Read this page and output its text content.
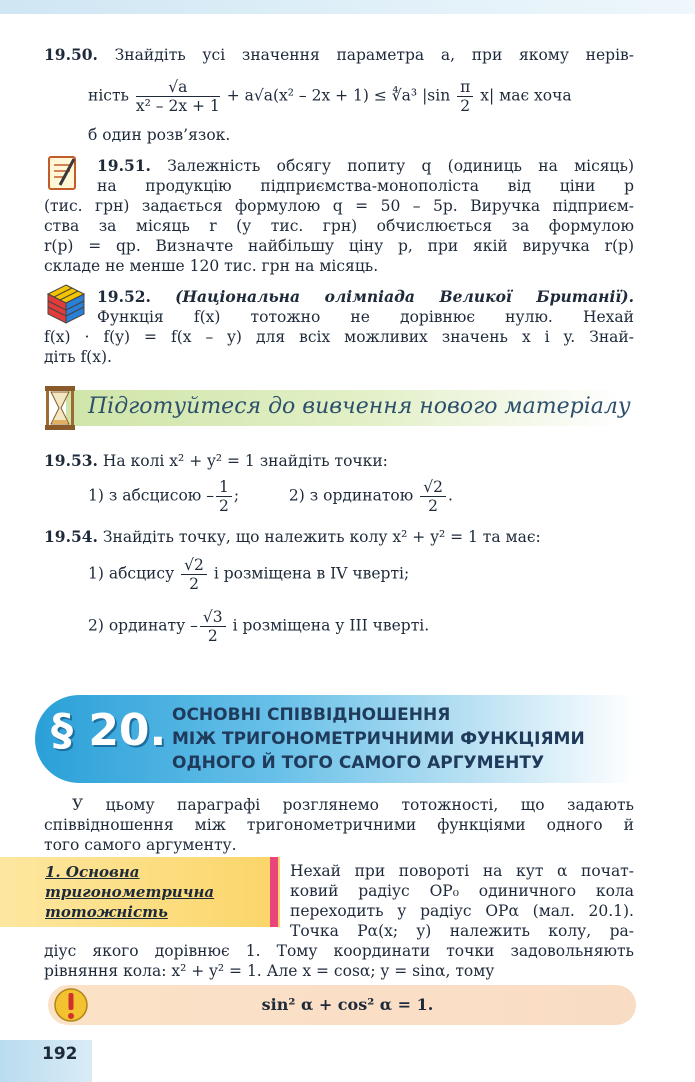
19.50. Знайдіть усі значення параметра a, при якому нерів-
ність $\frac{√a}{\text{x² – 2x + 1}} + a√a(x^2 - 2x + 1)$ ≤ ∜a³ $|\sin \frac{\pi}{2} x|$ має хоча
б один розв’язок.
19.51. Залежність обсягу попиту q (одиниць на місяць)
на продукцію підприємства-монополіста від ціни p
(тис. грн) задається формулою q = 50 – 5p. Виручка підприєм-
ства за місяць r (у тис. грн) обчислюється за формулою
r(p) = qp. Визначте найбільшу ціну p, при якій виручка r(p)
складе не менше 120 тис. грн на місяць.
19.52. (Національна олімпіада Великої Британії).
Функція f(x) тотожно не дорівнює нулю. Нехай
f(x) · f(y) = f(x – y) для всіх можливих значень x і y. Знай-
діть f(x).
Підготуйтеся до вивчення нового матеріалу
19.53. На колі x² + y² = 1 знайдіть точки:
1) з абсцисою – $\frac{1}{2}$ ;	2) з ординатою $\frac{√2}{2}$ .
19.54. Знайдіть точку, що належить колу x² + y² = 1 та має:
1) абсцису $\frac{√2}{2}$ і розміщена в IV чверті;
2) ординату – $\frac{√3}{2}$ і розміщена у III чверті.
§ 20. ОСНОВНІ СПІВВІДНОШЕННЯ
МІЖ ТРИГОНОМЕТРИЧНИМИ ФУНКЦІЯМИ
ОДНОГО Й ТОГО САМОГО АРГУМЕНТУ
У цьому параграфі розглянемо тотожності, що задають
співвідношення між тригонометричними функціями одного й
того самого аргументу.
1. Основна
тригонометрична
тотожність
Нехай при повороті на кут α почат-
ковий радіус OP₀ одиничного кола
переходить у радіус OPα (мал. 20.1).
Точка Pα(x; y) належить колу, ра-
діус якого дорівнює 1. Тому координати точки задовольняють
рівняння кола: x² + y² = 1. Але x = cosα; y = sinα, тому
sin² α + cos² α = 1.
192
